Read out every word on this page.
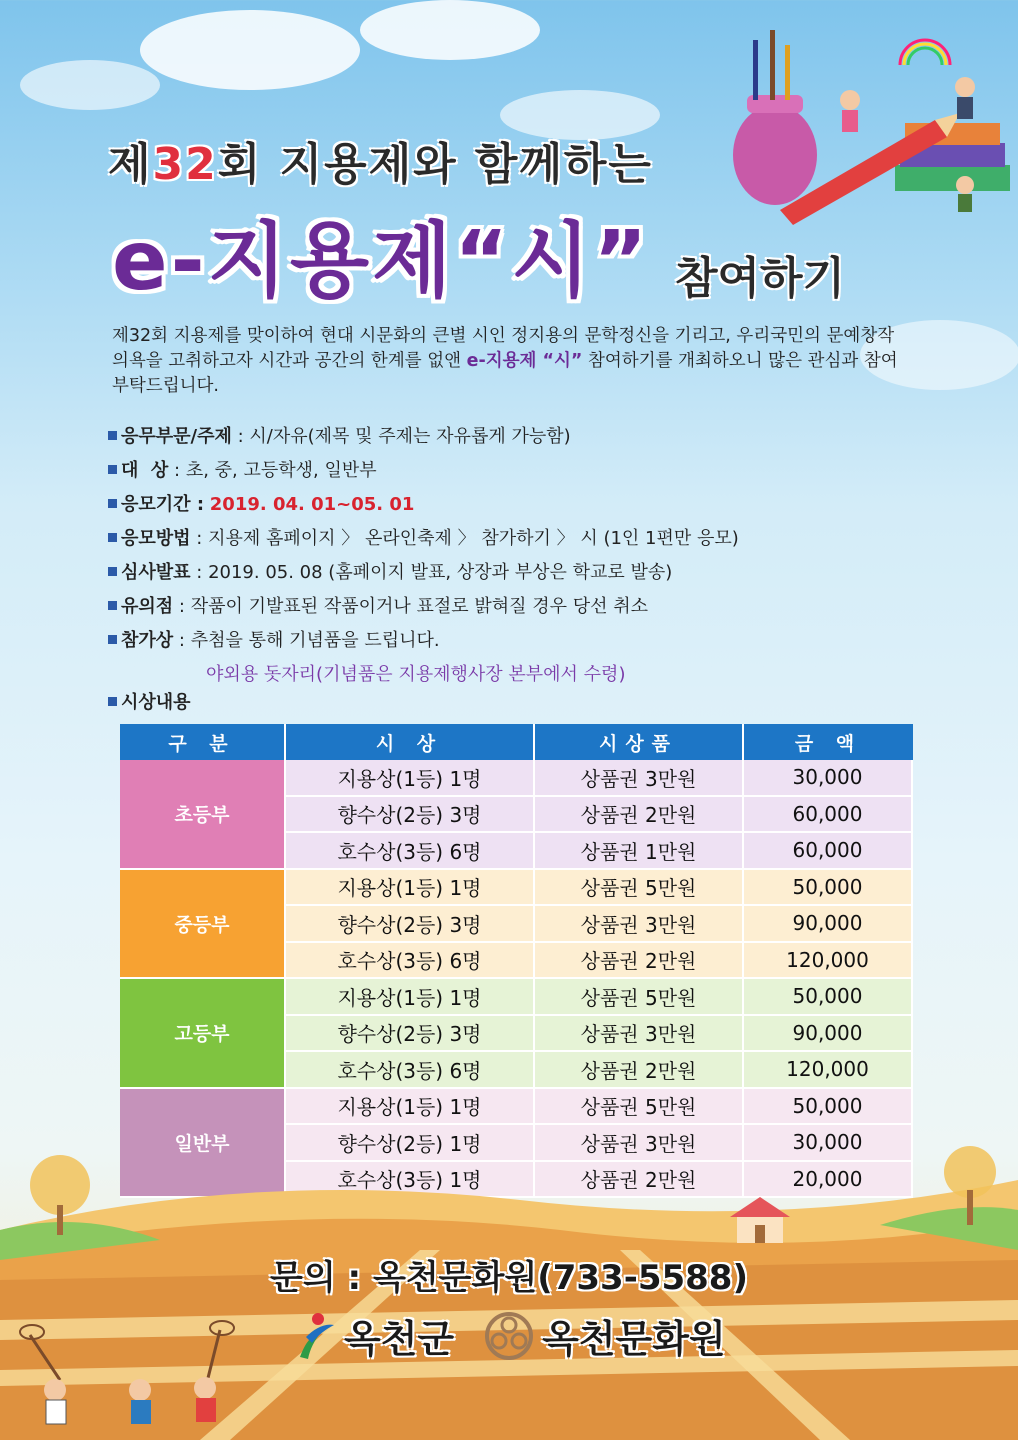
제32회 지용제와 함께하는
e-지용제“시” 참여하기
제32회 지용제를 맞이하여 현대 시문화의 큰별 시인 정지용의 문학정신을 기리고, 우리국민의 문예창작 의욕을 고취하고자 시간과 공간의 한계를 없앤 e-지용제 “시” 참여하기를 개최하오니 많은 관심과 참여 부탁드립니다.
응무부문/주제 : 시/자유(제목 및 주제는 자유롭게 가능함)
대  상 : 초, 중, 고등학생, 일반부
응모기간 : 2019. 04. 01~05. 01
응모방법 : 지용제 홈페이지 〉 온라인축제 〉 참가하기 〉 시 (1인 1편만 응모)
심사발표 : 2019. 05. 08 (홈페이지 발표, 상장과 부상은 학교로 발송)
유의점 : 작품이 기발표된 작품이거나 표절로 밝혀질 경우 당선 취소
참가상 : 추첨을 통해 기념품을 드립니다.
야외용 돗자리(기념품은 지용제행사장 본부에서 수령)
시상내용
구 분	시 상	시상품	금 액
초등부
지용상(1등) 1명	상품권 3만원	30,000
향수상(2등) 3명	상품권 2만원	60,000
호수상(3등) 6명	상품권 1만원	60,000
중등부
지용상(1등) 1명	상품권 5만원	50,000
향수상(2등) 3명	상품권 3만원	90,000
호수상(3등) 6명	상품권 2만원	120,000
고등부
지용상(1등) 1명	상품권 5만원	50,000
향수상(2등) 3명	상품권 3만원	90,000
호수상(3등) 6명	상품권 2만원	120,000
일반부
지용상(1등) 1명	상품권 5만원	50,000
향수상(2등) 1명	상품권 3만원	30,000
호수상(3등) 1명	상품권 2만원	20,000
문의 : 옥천문화원(733-5588)
옥천군 옥천문화원
